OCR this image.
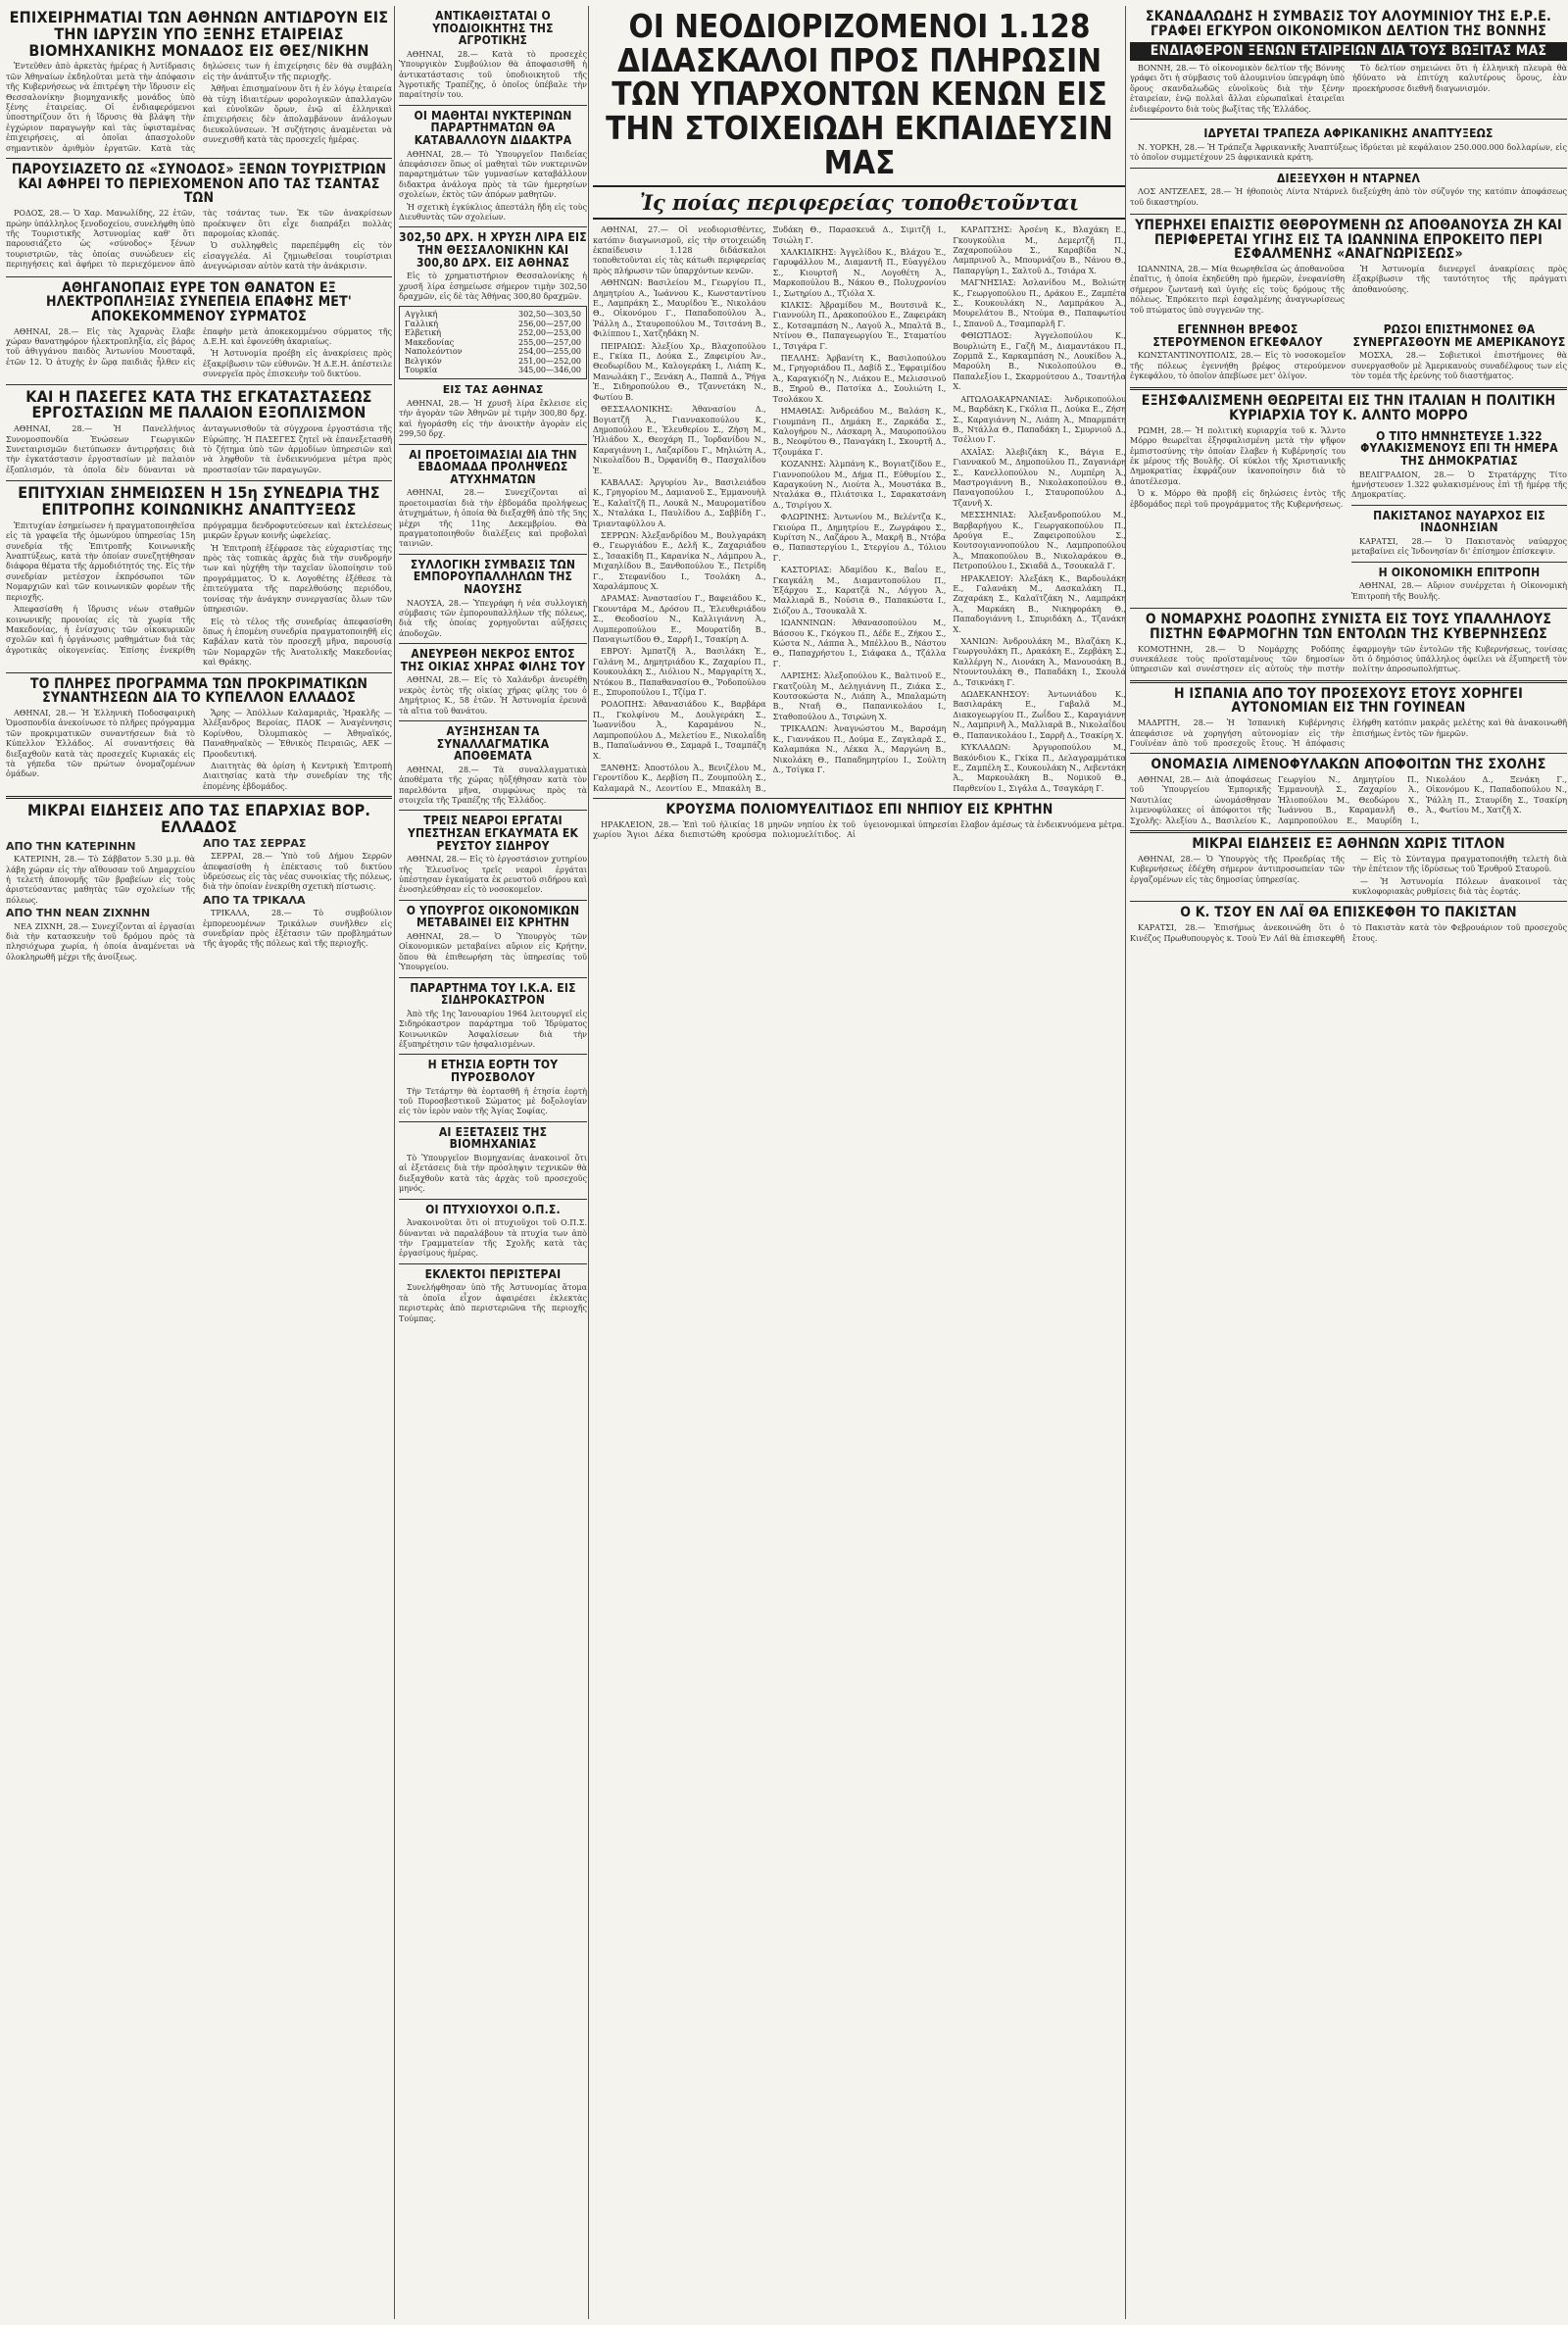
ΕΠΙΧΕΙΡΗΜΑΤΙΑΙ ΤΩΝ ΑΘΗΝΩΝ ΑΝΤΙΔΡΟΥΝ ΕΙΣ ΤΗΝ ΙΔΡΥΣΙΝ ΥΠΟ ΞΕΝΗΣ ΕΤΑΙΡΕΙΑΣ ΒΙΟΜΗΧΑΝΙΚΗΣ ΜΟΝΑΔΟΣ ΕΙΣ ΘΕΣ/ΝΙΚΗΝ

Ἐντεῦθεν ἀπὸ ἀρκετὰς ἡμέρας ἡ Ἀντίδρασις τῶν Ἀθηναίων ἐκδηλοῦται μετὰ τὴν ἀπόφασιν τῆς Κυβερνήσεως νὰ ἐπιτρέψη τὴν ἵδρυσιν εἰς Θεσσαλονίκην βιομηχανικῆς μονάδος ὑπὸ ξένης ἑταιρείας. Οἱ ἐνδιαφερόμενοι ὑποστηρίζουν ὅτι ἡ ἵδρυσις θὰ βλάψη τὴν ἐγχώριον παραγωγὴν καὶ τὰς ὑφισταμένας ἐπιχειρήσεις, αἱ ὁποῖαι ἀπασχολοῦν σημαντικὸν ἀριθμὸν ἐργατῶν. Κατὰ τὰς δηλώσεις των ἡ ἐπιχείρησις δὲν θὰ συμβάλη εἰς τὴν ἀνάπτυξιν τῆς περιοχῆς.

Ἀθῆναι ἐπισημαίνουν ὅτι ἡ ἐν λόγῳ ἑταιρεία θὰ τύχη ἰδιαιτέρων φορολογικῶν ἀπαλλαγῶν καὶ εὐνοϊκῶν ὅρων, ἐνῷ αἱ ἑλληνικαὶ ἐπιχειρήσεις δὲν ἀπολαμβάνουν ἀνάλογων διευκολύνσεων. Ἡ συζήτησις ἀναμένεται νὰ συνεχισθῆ κατὰ τὰς προσεχεῖς ἡμέρας.

ΠΑΡΟΥΣΙΑΖΕΤΟ ΩΣ «ΣΥΝΟΔΟΣ» ΞΕΝΩΝ ΤΟΥΡΙΣΤΡΙΩΝ ΚΑΙ ΑΦΗΡΕΙ ΤΟ ΠΕΡΙΕΧΟΜΕΝΟΝ ΑΠΟ ΤΑΣ ΤΣΑΝΤΑΣ ΤΩΝ

ΡΟΔΟΣ, 28.— Ὁ Χαρ. Μανωλίδης, 22 ἐτῶν, πρώην ὑπάλληλος ξενοδοχείου, συνελήφθη ὑπὸ τῆς Τουριστικῆς Ἀστυνομίας καθ' ὅτι παρουσιάζετο ὡς «σύνοδος» ξένων τουριστριῶν, τὰς ὁποίας συνώδευεν εἰς περιηγήσεις καὶ ἀφήρει τὸ περιεχόμενον ἀπὸ τὰς τσάντας των. Ἐκ τῶν ἀνακρίσεων προέκυψεν ὅτι εἶχε διαπράξει πολλὰς παρομοίας κλοπάς.

Ὁ συλληφθεὶς παρεπέμφθη εἰς τὸν εἰσαγγελέα. Αἱ ζημιωθεῖσαι τουρίστριαι ἀνεγνώρισαν αὐτὸν κατὰ τὴν ἀνάκρισιν.

ΑΘΗΓΑΝΟΠΑΙΣ ΕΥΡΕ ΤΟΝ ΘΑΝΑΤΟΝ ΕΞ ΗΛΕΚΤΡΟΠΛΗΞΙΑΣ ΣΥΝΕΠΕΙΑ ΕΠΑΦΗΣ ΜΕΤ' ΑΠΟΚΕΚΟΜΜΕΝΟΥ ΣΥΡΜΑΤΟΣ

ΑΘΗΝΑΙ, 28.— Εἰς τὰς Ἀχαρνὰς ἔλαβε χώραν θανατηφόρον ἠλεκτροπληξία, εἰς βάρος τοῦ ἀθιγγάνου παιδὸς Ἀντωνίου Μουσταφᾶ, ἐτῶν 12. Ὁ ἀτυχὴς ἐν ὥρᾳ παιδιᾶς ἦλθεν εἰς ἐπαφὴν μετὰ ἀποκεκομμένου σύρματος τῆς Δ.Ε.Η. καὶ ἐφονεύθη ἀκαριαίως.

Ἡ Ἀστυνομία προέβη εἰς ἀνακρίσεις πρὸς ἐξακρίβωσιν τῶν εὐθυνῶν. Ἡ Δ.Ε.Η. ἀπέστειλε συνεργεῖα πρὸς ἐπισκευὴν τοῦ δικτύου.

ΚΑΙ Η ΠΑΣΕΓΕΣ ΚΑΤΑ ΤΗΣ ΕΓΚΑΤΑΣΤΑΣΕΩΣ ΕΡΓΟΣΤΑΣΙΩΝ ΜΕ ΠΑΛΑΙΟΝ ΕΞΟΠΛΙΣΜΟΝ

ΑΘΗΝΑΙ, 28.— Ἡ Πανελλήνιος Συνομοσπονδία Ἑνώσεων Γεωργικῶν Συνεταιρισμῶν διετύπωσεν ἀντιρρήσεις διὰ τὴν ἐγκατάστασιν ἐργοστασίων μὲ παλαιὸν ἐξοπλισμόν, τὰ ὁποῖα δὲν δύνανται νὰ ἀνταγωνισθοῦν τὰ σύγχρονα ἐργοστάσια τῆς Εὐρώπης. Ἡ ΠΑΣΕΓΕΣ ζητεῖ νὰ ἐπανεξετασθῆ τὸ ζήτημα ὑπὸ τῶν ἁρμοδίων ὑπηρεσιῶν καὶ νὰ ληφθοῦν τὰ ἐνδεικνυόμενα μέτρα πρὸς προστασίαν τῶν παραγωγῶν.

ΕΠΙΤΥΧΙΑΝ ΣΗΜΕΙΩΣΕΝ Η 15η ΣΥΝΕΔΡΙΑ ΤΗΣ ΕΠΙΤΡΟΠΗΣ ΚΟΙΝΩΝΙΚΗΣ ΑΝΑΠΤΥΞΕΩΣ

Ἐπιτυχίαν ἐσημείωσεν ἡ πραγματοποιηθεῖσα εἰς τὰ γραφεῖα τῆς ὁμωνύμου ὑπηρεσίας 15η συνεδρία τῆς Ἐπιτροπῆς Κοινωνικῆς Ἀναπτύξεως, κατὰ τὴν ὁποίαν συνεζητήθησαν διάφορα θέματα τῆς ἀρμοδιότητός της. Εἰς τὴν συνεδρίαν μετέσχον ἐκπρόσωποι τῶν Νομαρχιῶν καὶ τῶν κοινωνικῶν φορέων τῆς περιοχῆς.

Ἀπεφασίσθη ἡ ἵδρυσις νέων σταθμῶν κοινωνικῆς προνοίας εἰς τὰ χωρία τῆς Μακεδονίας, ἡ ἐνίσχυσις τῶν οἰκοκυρικῶν σχολῶν καὶ ἡ ὀργάνωσις μαθημάτων διὰ τὰς ἀγροτικὰς οἰκογενείας. Ἐπίσης ἐνεκρίθη πρόγραμμα δενδροφυτεύσεων καὶ ἐκτελέσεως μικρῶν ἔργων κοινῆς ὠφελείας.

Ἡ Ἐπιτροπὴ ἐξέφρασε τὰς εὐχαριστίας της πρὸς τὰς τοπικὰς ἀρχὰς διὰ τὴν συνδρομήν των καὶ ηὐχήθη τὴν ταχεῖαν ὑλοποίησιν τοῦ προγράμματος. Ὁ κ. Λογοθέτης ἐξέθεσε τὰ ἐπιτεύγματα τῆς παρελθούσης περιόδου, τονίσας τὴν ἀνάγκην συνεργασίας ὅλων τῶν ὑπηρεσιῶν.

Εἰς τὸ τέλος τῆς συνεδρίας ἀπεφασίσθη ὅπως ἡ ἑπομένη συνεδρία πραγματοποιηθῆ εἰς Καβάλαν κατὰ τὸν προσεχῆ μῆνα, παρουσίᾳ τῶν Νομαρχῶν τῆς Ἀνατολικῆς Μακεδονίας καὶ Θράκης.

ΤΟ ΠΛΗΡΕΣ ΠΡΟΓΡΑΜΜΑ ΤΩΝ ΠΡΟΚΡΙΜΑΤΙΚΩΝ ΣΥΝΑΝΤΗΣΕΩΝ ΔΙΑ ΤΟ ΚΥΠΕΛΛΟΝ ΕΛΛΑΔΟΣ

ΑΘΗΝΑΙ, 28.— Ἡ Ἑλληνικὴ Ποδοσφαιρικὴ Ὁμοσπονδία ἀνεκοίνωσε τὸ πλῆρες πρόγραμμα τῶν προκριματικῶν συναντήσεων διὰ τὸ Κύπελλον Ἑλλάδος. Αἱ συναντήσεις θὰ διεξαχθοῦν κατὰ τὰς προσεχεῖς Κυριακάς εἰς τὰ γήπεδα τῶν πρώτων ὀνομαζομένων ὁμάδων.

Ἄρης — Ἀπόλλων Καλαμαριᾶς, Ἠρακλῆς — Ἀλέξανδρος Βεροίας, ΠΑΟΚ — Ἀναγέννησις Κορίνθου, Ὀλυμπιακὸς — Ἀθηναϊκός, Παναθηναϊκὸς — Ἐθνικὸς Πειραιῶς, ΑΕΚ — Προοδευτική.

Διαιτητὰς θὰ ὁρίση ἡ Κεντρικὴ Ἐπιτροπὴ Διαιτησίας κατὰ τὴν συνεδρίαν της τῆς ἑπομένης ἑβδομάδος.

ΜΙΚΡΑΙ ΕΙΔΗΣΕΙΣ ΑΠΟ ΤΑΣ ΕΠΑΡΧΙΑΣ ΒΟΡ. ΕΛΛΑΔΟΣ
ΑΠΟ ΤΗΝ ΚΑΤΕΡΙΝΗΝ

ΚΑΤΕΡΙΝΗ, 28.— Τὸ Σάββατον 5.30 μ.μ. θὰ λάβη χώραν εἰς τὴν αἴθουσαν τοῦ Δημαρχείου ἡ τελετὴ ἀπονομῆς τῶν βραβείων εἰς τοὺς ἀριστεύσαντας μαθητὰς τῶν σχολείων τῆς πόλεως.

ΑΠΟ ΤΗΝ ΝΕΑΝ ΖΙΧΝΗΝ

ΝΕΑ ΖΙΧΝΗ, 28.— Συνεχίζονται αἱ ἐργασίαι διὰ τὴν κατασκευὴν τοῦ δρόμου πρὸς τὰ πλησιόχωρα χωρία, ἡ ὁποία ἀναμένεται νὰ ὁλοκληρωθῆ μέχρι τῆς ἀνοίξεως.

ΑΠΟ ΤΑΣ ΣΕΡΡΑΣ

ΣΕΡΡΑΙ, 28.— Ὑπὸ τοῦ Δήμου Σερρῶν ἀπεφασίσθη ἡ ἐπέκτασις τοῦ δικτύου ὑδρεύσεως εἰς τὰς νέας συνοικίας τῆς πόλεως, διὰ τὴν ὁποίαν ἐνεκρίθη σχετικὴ πίστωσις.

ΑΠΟ ΤΑ ΤΡΙΚΑΛΑ

ΤΡΙΚΑΛΑ, 28.— Τὸ συμβούλιον ἐμπορευομένων Τρικάλων συνῆλθεν εἰς συνεδρίαν πρὸς ἐξέτασιν τῶν προβλημάτων τῆς ἀγορᾶς τῆς πόλεως καὶ τῆς περιοχῆς.

ΑΝΤΙΚΑΘΙΣΤΑΤΑΙ Ο ΥΠΟΔΙΟΙΚΗΤΗΣ ΤΗΣ ΑΓΡΟΤΙΚΗΣ

ΑΘΗΝΑΙ, 28.— Κατὰ τὸ προσεχὲς Ὑπουργικὸν Συμβούλιον θὰ ἀποφασισθῆ ἡ ἀντικατάστασις τοῦ ὑποδιοικητοῦ τῆς Ἀγροτικῆς Τραπέζης, ὁ ὁποῖος ὑπέβαλε τὴν παραίτησίν του.

ΟΙ ΜΑΘΗΤΑΙ ΝΥΚΤΕΡΙΝΩΝ ΠΑΡΑΡΤΗΜΑΤΩΝ ΘΑ ΚΑΤΑΒΑΛΛΟΥΝ ΔΙΔΑΚΤΡΑ

ΑΘΗΝΑΙ, 28.— Τὸ Ὑπουργεῖον Παιδείας ἀπεφάσισεν ὅπως οἱ μαθηταὶ τῶν νυκτερινῶν παραρτημάτων τῶν γυμνασίων καταβάλλουν διδακτρα ἀνάλογα πρὸς τὰ τῶν ἡμερησίων σχολείων, ἐκτὸς τῶν ἀπόρων μαθητῶν.

Ἡ σχετικὴ ἐγκύκλιος ἀπεστάλη ἤδη εἰς τοὺς Διευθυντὰς τῶν σχολείων.

302,50 ΔΡΧ. Η ΧΡΥΣΗ ΛΙΡΑ ΕΙΣ ΤΗΝ ΘΕΣΣΑΛΟΝΙΚΗΝ ΚΑΙ 300,80 ΔΡΧ. ΕΙΣ ΑΘΗΝΑΣ

Εἰς τὸ χρηματιστήριον Θεσσαλονίκης ἡ χρυσῆ λίρα ἐσημείωσε σήμερον τιμὴν 302,50 δραχμῶν, εἰς δὲ τὰς Ἀθήνας 300,80 δραχμῶν.

Αγγλική	302,50—303,50
Γαλλική	256,00—257,00
Ελβετική	252,00—253,00
Μακεδονίας	255,00—257,00
Ναπολεόντιον	254,00—255,00
Βελγικόν	251,00—252,00
Τουρκία	345,00—346,00
ΕΙΣ ΤΑΣ ΑΘΗΝΑΣ

ΑΘΗΝΑΙ, 28.— Ἡ χρυσῆ λίρα ἔκλεισε εἰς τὴν ἀγορὰν τῶν Ἀθηνῶν μὲ τιμὴν 300,80 δρχ. καὶ ἠγοράσθη εἰς τὴν ἀνοικτὴν ἀγορὰν εἰς 299,50 δρχ.

ΑΙ ΠΡΟΕΤΟΙΜΑΣΙΑΙ ΔΙΑ ΤΗΝ ΕΒΔΟΜΑΔΑ ΠΡΟΛΗΨΕΩΣ ΑΤΥΧΗΜΑΤΩΝ

ΑΘΗΝΑΙ, 28.— Συνεχίζονται αἱ προετοιμασίαι διὰ τὴν ἑβδομάδα προλήψεως ἀτυχημάτων, ἡ ὁποία θὰ διεξαχθῆ ἀπὸ τῆς 5ης μέχρι τῆς 11ης Δεκεμβρίου. Θὰ πραγματοποιηθοῦν διαλέξεις καὶ προβολαὶ ταινιῶν.

ΣΥΛΛΟΓΙΚΗ ΣΥΜΒΑΣΙΣ ΤΩΝ ΕΜΠΟΡΟΥΠΑΛΛΗΛΩΝ ΤΗΣ ΝΑΟΥΣΗΣ

ΝΑΟΥΣΑ, 28.— Ὑπεγράφη ἡ νέα συλλογικὴ σύμβασις τῶν ἐμπορουπαλλήλων τῆς πόλεως, διὰ τῆς ὁποίας χορηγοῦνται αὐξήσεις ἀποδοχῶν.

ΑΝΕΥΡΕΘΗ ΝΕΚΡΟΣ ΕΝΤΟΣ ΤΗΣ ΟΙΚΙΑΣ ΧΗΡΑΣ ΦΙΛΗΣ ΤΟΥ

ΑΘΗΝΑΙ, 28.— Εἰς τὸ Χαλάνδρι ἀνευρέθη νεκρὸς ἐντὸς τῆς οἰκίας χήρας φίλης του ὁ Δημήτριος Κ., 58 ἐτῶν. Ἡ Ἀστυνομία ἐρευνᾶ τὰ αἴτια τοῦ θανάτου.

ΑΥΞΗΣΗΣΑΝ ΤΑ ΣΥΝΑΛΛΑΓΜΑΤΙΚΑ ΑΠΟΘΕΜΑΤΑ

ΑΘΗΝΑΙ, 28.— Τὰ συναλλαγματικὰ ἀποθέματα τῆς χώρας ηὐξήθησαν κατὰ τὸν παρελθόντα μῆνα, συμφώνως πρὸς τὰ στοιχεῖα τῆς Τραπέζης τῆς Ἑλλάδος.

ΤΡΕΙΣ ΝΕΑΡΟΙ ΕΡΓΑΤΑΙ ΥΠΕΣΤΗΣΑΝ ΕΓΚΑΥΜΑΤΑ ΕΚ ΡΕΥΣΤΟΥ ΣΙΔΗΡΟΥ

ΑΘΗΝΑΙ, 28.— Εἰς τὸ ἐργοστάσιον χυτηρίου τῆς Ἐλευσῖνος τρεῖς νεαροὶ ἐργάται ὑπέστησαν ἐγκαύματα ἐκ ρευστοῦ σιδήρου καὶ ἐνοσηλεύθησαν εἰς τὸ νοσοκομεῖον.

Ο ΥΠΟΥΡΓΟΣ ΟΙΚΟΝΟΜΙΚΩΝ ΜΕΤΑΒΑΙΝΕΙ ΕΙΣ ΚΡΗΤΗΝ

ΑΘΗΝΑΙ, 28.— Ὁ Ὑπουργὸς τῶν Οἰκονομικῶν μεταβαίνει αὔριον εἰς Κρήτην, ὅπου θὰ ἐπιθεωρήση τὰς ὑπηρεσίας τοῦ Ὑπουργείου.

ΠΑΡΑΡΤΗΜΑ ΤΟΥ Ι.Κ.Α. ΕΙΣ ΣΙΔΗΡΟΚΑΣΤΡΟΝ

Ἀπὸ τῆς 1ης Ἰανουαρίου 1964 λειτουργεῖ εἰς Σιδηρόκαστρον παράρτημα τοῦ Ἱδρύματος Κοινωνικῶν Ἀσφαλίσεων διὰ τὴν ἐξυπηρέτησιν τῶν ἠσφαλισμένων.

Η ΕΤΗΣΙΑ ΕΟΡΤΗ ΤΟΥ ΠΥΡΟΣΒΟΛΟΥ

Τὴν Τετάρτην θὰ ἑορτασθῆ ἡ ἐτησία ἑορτὴ τοῦ Πυροσβεστικοῦ Σώματος μὲ δοξολογίαν εἰς τὸν ἱερὸν ναὸν τῆς Ἁγίας Σοφίας.

ΑΙ ΕΞΕΤΑΣΕΙΣ ΤΗΣ ΒΙΟΜΗΧΑΝΙΑΣ

Τὸ Ὑπουργεῖον Βιομηχανίας ἀνακοινοῖ ὅτι αἱ ἐξετάσεις διὰ τὴν πρόσληψιν τεχνικῶν θὰ διεξαχθοῦν κατὰ τὰς ἀρχὰς τοῦ προσεχοῦς μηνός.

ΟΙ ΠΤΥΧΙΟΥΧΟΙ Ο.Π.Σ.

Ἀνακοινοῦται ὅτι οἱ πτυχιοῦχοι τοῦ Ο.Π.Σ. δύνανται νὰ παραλάβουν τὰ πτυχία των ἀπὸ τὴν Γραμματείαν τῆς Σχολῆς κατὰ τὰς ἐργασίμους ἡμέρας.

ΕΚΛΕΚΤΟΙ ΠΕΡΙΣΤΕΡΑΙ

Συνελήφθησαν ὑπὸ τῆς Ἀστυνομίας ἄτομα τὰ ὁποῖα εἶχον ἀφαιρέσει ἐκλεκτὰς περιστερὰς ἀπὸ περιστεριῶνα τῆς περιοχῆς Τούμπας.

ΟΙ ΝΕΟΔΙΟΡΙΖΟΜΕΝΟΙ 1.128 ΔΙΔΑΣΚΑΛΟΙ ΠΡΟΣ ΠΛΗΡΩΣΙΝ ΤΩΝ ΥΠΑΡΧΟΝΤΩΝ ΚΕΝΩΝ ΕΙΣ ΤΗΝ ΣΤΟΙΧΕΙΩΔΗ ΕΚΠΑΙΔΕΥΣΙΝ ΜΑΣ
Ἰς ποίας περιφερείας τοποθετοῦνται

ΑΘΗΝΑΙ, 27.— Οἱ νεοδιορισθέντες, κατόπιν διαγωνισμοῦ, εἰς τὴν στοιχειώδη ἐκπαίδευσιν 1.128 διδάσκαλοι τοποθετοῦνται εἰς τὰς κάτωθι περιφερείας πρὸς πλήρωσιν τῶν ὑπαρχόντων κενῶν.

ΑΘΗΝΩΝ: Βασιλείου Μ., Γεωργίου Π., Δημητρίου Α., Ἰωάννου Κ., Κωνσταντίνου Ε., Λαμπράκη Σ., Μαυρίδου Ἑ., Νικολάου Θ., Οἰκονόμου Γ., Παπαδοπούλου Ἀ., Ῥάλλη Δ., Σταυροπούλου Μ., Τσιτσάνη Β., Φιλίππου Ι., Χατζηδάκη Ν.

ΠΕΙΡΑΙΩΣ: Ἀλεξίου Χρ., Βλαχοπούλου Ε., Γκίκα Π., Δούκα Σ., Ζαφειρίου Ἀν., Θεοδωρίδου Μ., Καλογεράκη Ι., Λιάπη Κ., Μανωλάκη Γ., Ξενάκη Α., Παππᾶ Δ., Ῥήγα Ἑ., Σιδηροπούλου Θ., Τζαννετάκη Ν., Φωτίου Β.

ΘΕΣΣΑΛΟΝΙΚΗΣ: Ἀθανασίου Δ., Βογιατζῆ Ἀ., Γιαννακοπούλου Κ., Δημοπούλου Ε., Ἐλευθερίου Σ., Ζήση Μ., Ἠλιάδου Χ., Θεοχάρη Π., Ἰορδανίδου Ν., Καραγιάννη Ι., Λαζαρίδου Γ., Μηλιώτη Α., Νικολαΐδου Β., Ὀρφανίδη Θ., Πασχαλίδου Ἑ.

ΚΑΒΑΛΑΣ: Ἀργυρίου Ἀν., Βασιλειάδου Κ., Γρηγορίου Μ., Δαμιανοῦ Σ., Ἐμμανουὴλ Ἑ., Καλαϊτζῆ Π., Λουκᾶ Ν., Μαυροματίδου Χ., Νταλάκα Ι., Παυλίδου Δ., Σαββίδη Γ., Τριανταφύλλου Α.

ΣΕΡΡΩΝ: Ἀλεξανδρίδου Μ., Βουλγαράκη Θ., Γεωργιάδου Ε., Δελῆ Κ., Ζαχαριάδου Σ., Ἰσαακίδη Π., Καρανίκα Ν., Λάμπρου Ἀ., Μιχαηλίδου Β., Ξανθοπούλου Ἑ., Πετρίδη Γ., Στεφανίδου Ι., Τσολάκη Δ., Χαραλάμπους Χ.

ΔΡΑΜΑΣ: Ἀναστασίου Γ., Βαφειάδου Κ., Γκουντάρα Μ., Δρόσου Π., Ἑλευθεριάδου Σ., Θεοδοσίου Ν., Καλλιγιάννη Ἀ., Λυμπεροπούλου Ε., Μουρατίδη Β., Παναγιωτίδου Θ., Σαρρῆ Ι., Τσακίρη Δ.

ΕΒΡΟΥ: Ἀμπατζῆ Ἀ., Βασιλάκη Ἑ., Γαλάνη Μ., Δημητριάδου Κ., Ζαχαρίου Π., Κουκουλάκη Σ., Λιόλιου Ν., Μαργαρίτη Χ., Ντόκου Β., Παπαθανασίου Θ., Ῥοδοπούλου Ε., Σπυροπούλου Ι., Τζίμα Γ.

ΡΟΔΟΠΗΣ: Ἀθανασιάδου Κ., Βαρβάρα Π., Γκολφίνου Μ., Δουλγεράκη Σ., Ἰωαννίδου Ἀ., Καραμάνου Ν., Λαμπροπούλου Δ., Μελετίου Ε., Νικολαΐδη Β., Παπαϊωάννου Θ., Σαμαρᾶ Ι., Τσαμπάζη Χ.

ΞΑΝΘΗΣ: Ἀποστόλου Ἀ., Βενιζέλου Μ., Γεροντίδου Κ., Δερβίση Π., Ζουμπούλη Σ., Καλαμαρᾶ Ν., Λεοντίου Ε., Μπακάλη Β., Ξυδάκη Θ., Παρασκευᾶ Δ., Σιμιτζῆ Ι., Τσιώλη Γ.

ΧΑΛΚΙΔΙΚΗΣ: Ἀγγελίδου Κ., Βλάχου Ἑ., Γαρυφάλλου Μ., Διαμαντῆ Π., Εὐαγγέλου Σ., Κιουρτσῆ Ν., Λογοθέτη Ἀ., Μαρκοπούλου Β., Νάκου Θ., Πολυχρονίου Ι., Σωτηρίου Δ., Τζιόλα Χ.

ΚΙΛΚΙΣ: Ἀβραμίδου Μ., Βουτσινᾶ Κ., Γιαννούλη Π., Δρακοπούλου Ε., Ζαφειράκη Σ., Κοτσαμπάση Ν., Λαγοῦ Ἀ., Μπαλτᾶ Β., Ντίνου Θ., Παπαγεωργίου Ἑ., Σταματίου Ι., Τσιγάρα Γ.

ΠΕΛΛΗΣ: Ἀρβανίτη Κ., Βασιλοπούλου Μ., Γρηγοριάδου Π., Δαβίδ Σ., Ἐφραιμίδου Ἀ., Καραγκιόζη Ν., Λιάκου Ε., Μελισσινοῦ Β., Ξηροῦ Θ., Πατσίκα Δ., Σουλιώτη Ι., Τσολάκου Χ.

ΗΜΑΘΙΑΣ: Ἀνδρεάδου Μ., Βαλάση Κ., Γιουμπάνη Π., Δημάκη Ε., Ζαρκάδα Σ., Καλογήρου Ν., Λάσκαρη Ἀ., Μαυροπούλου Β., Νεοφύτου Θ., Παναγάκη Ι., Σκουρτῆ Δ., Τζουμάκα Γ.

ΚΟΖΑΝΗΣ: Ἀλμπάνη Κ., Βογιατζίδου Ε., Γιαννοπούλου Μ., Δήμα Π., Εὐθυμίου Σ., Καραγκούνη Ν., Λιούτα Ἀ., Μουστάκα Β., Νταλάκα Θ., Πλιάτσικα Ι., Σαρακατσάνη Δ., Τσιρίγου Χ.

ΦΛΩΡΙΝΗΣ: Ἀντωνίου Μ., Βελέντζα Κ., Γκιούρα Π., Δημητρίου Ε., Ζωγράφου Σ., Κυρίτση Ν., Λαζάρου Ἀ., Μακρῆ Β., Ντόβα Θ., Παπαστεργίου Ι., Στεργίου Δ., Τόλιου Γ.

ΚΑΣΤΟΡΙΑΣ: Ἀδαμίδου Κ., Βαΐου Ε., Γκαγκάλη Μ., Διαμαντοπούλου Π., Ἐξάρχου Σ., Καρατζᾶ Ν., Λόγγου Ἀ., Μαλλιαρᾶ Β., Νούσια Θ., Παπακώστα Ι., Σιόζου Δ., Τσουκαλᾶ Χ.

ΙΩΑΝΝΙΝΩΝ: Ἀθανασοπούλου Μ., Βάσσου Κ., Γκόγκου Π., Δέδε Ε., Ζήκου Σ., Κώστα Ν., Λάππα Ἀ., Μπέλλου Β., Νάστου Θ., Παπαχρήστου Ι., Σιάφακα Δ., Τζάλλα Γ.

ΛΑΡΙΣΗΣ: Ἀλεξοπούλου Κ., Βαλτινοῦ Ε., Γκατζούλη Μ., Δεληγιάννη Π., Ζιάκα Σ., Κουτσοκώστα Ν., Λιάπη Ἀ., Μπαλαμώτη Β., Νταῆ Θ., Παπανικολάου Ι., Σταθοπούλου Δ., Τσιρώνη Χ.

ΤΡΙΚΑΛΩΝ: Ἀναγνώστου Μ., Βαρσάμη Κ., Γιαννάκου Π., Δούμα Ε., Ζαγκλαρᾶ Σ., Καλαμπάκα Ν., Λέκκα Ἀ., Μαργώνη Β., Νικολάκη Θ., Παπαδημητρίου Ι., Σούλτη Δ., Τσίγκα Γ.

ΚΑΡΔΙΤΣΗΣ: Ἀρσένη Κ., Βλαχάκη Ε., Γκουγκούλια Μ., Δεμερτζῆ Π., Ζαχαροπούλου Σ., Καραβίδα Ν., Λαμπρινοῦ Ἀ., Μπουρνάζου Β., Νάνου Θ., Παπαργύρη Ι., Σαλτοῦ Δ., Τσιάρα Χ.

ΜΑΓΝΗΣΙΑΣ: Ἀσλανίδου Μ., Βολιώτη Κ., Γεωργοπούλου Π., Δράκου Ε., Ζαμπέτα Σ., Κουκουλάκη Ν., Λαμπράκου Ἀ., Μουρελάτου Β., Ντούμα Θ., Παπαφωτίου Ι., Σπανοῦ Δ., Τσαμπαρλῆ Γ.

ΦΘΙΩΤΙΔΟΣ: Ἀγγελοπούλου Κ., Βουρλιώτη Ε., Γαζῆ Μ., Διαμαντάκου Π., Ζορμπᾶ Σ., Καρκαμπάση Ν., Λουκίδου Ἀ., Μαρούλη Β., Νικολοπούλου Θ., Παπαλεξίου Ι., Σκαρμούτσου Δ., Τσαντήλα Χ.

ΑΙΤΩΛΟΑΚΑΡΝΑΝΙΑΣ: Ἀνδρικοπούλου Μ., Βαρδάκη Κ., Γκόλια Π., Δούκα Ε., Ζήση Σ., Καραγιάννη Ν., Λιάπη Ἀ., Μπαρμπάτη Β., Ντάλλα Θ., Παπαδάκη Ι., Σμυρνιοῦ Δ., Τσέλιου Γ.

ΑΧΑΪΑΣ: Ἀλεβιζάκη Κ., Βάγια Ε., Γιαννακοῦ Μ., Δημοπούλου Π., Ζαγανιάρη Σ., Κανελλοπούλου Ν., Λυμπέρη Ἀ., Μαστρογιάννη Β., Νικολακοπούλου Θ., Παναγοπούλου Ι., Σταυροπούλου Δ., Τζαννῆ Χ.

ΜΕΣΣΗΝΙΑΣ: Ἀλεξανδροπούλου Μ., Βαρβαρήγου Κ., Γεωργακοπούλου Π., Δρούγα Ε., Ζαφειροπούλου Σ., Κουτσογιαννοπούλου Ν., Λαμπροπούλου Ἀ., Μπακοπούλου Β., Νικολαράκου Θ., Πετροπούλου Ι., Σκιαδᾶ Δ., Τσουκαλᾶ Γ.

ΗΡΑΚΛΕΙΟΥ: Ἀλεξάκη Κ., Βαρδουλάκη Ε., Γαλανάκη Μ., Δασκαλάκη Π., Ζαχαράκη Σ., Καλαϊτζάκη Ν., Λαμπράκη Ἀ., Μαρκάκη Β., Νικηφοράκη Θ., Παπαδογιάννη Ι., Σπυριδάκη Δ., Τζανάκη Χ.

ΧΑΝΙΩΝ: Ἀνδρουλάκη Μ., Βλαζάκη Κ., Γεωργουλάκη Π., Δρακάκη Ε., Ζερβάκη Σ., Καλλέργη Ν., Λιονάκη Ἀ., Μανουσάκη Β., Ντουντουλάκη Θ., Παπαδάκη Ι., Σκουλά Δ., Τσικνάκη Γ.

ΔΩΔΕΚΑΝΗΣΟΥ: Ἀντωνιάδου Κ., Βασιλαράκη Ε., Γαβαλᾶ Μ., Διακογεωργίου Π., Ζωΐδου Σ., Καραγιάννη Ν., Λαμπρινῆ Ἀ., Μαλλιαρᾶ Β., Νικολαΐδου Θ., Παπανικολάου Ι., Σαρρῆ Δ., Τσακίρη Χ.

ΚΥΚΛΑΔΩΝ: Ἀργυροπούλου Μ., Βακόνδιου Κ., Γκίκα Π., Δελαγραμμάτικα Ε., Ζαμπέλη Σ., Κουκουλάκη Ν., Λεβεντάκη Ἀ., Μαρκουλάκη Β., Νομικοῦ Θ., Παρθενίου Ι., Σιγάλα Δ., Τσαγκάρη Γ.

ΚΡΟΥΣΜΑ ΠΟΛΙΟΜΥΕΛΙΤΙΔΟΣ ΕΠΙ ΝΗΠΙΟΥ ΕΙΣ ΚΡΗΤΗΝ

ΗΡΑΚΛΕΙΟΝ, 28.— Ἐπὶ τοῦ ἡλικίας 18 μηνῶν νηπίου ἐκ τοῦ χωρίου Ἄγιοι Δέκα διεπιστώθη κρούσμα πολιομυελίτιδος. Αἱ ὑγειονομικαὶ ὑπηρεσίαι ἔλαβον ἀμέσως τὰ ἐνδεικνυόμενα μέτρα.

ΣΚΑΝΔΑΛΩΔΗΣ Η ΣΥΜΒΑΣΙΣ ΤΟΥ ΑΛΟΥΜΙΝΙΟΥ ΤΗΣ Ε.Ρ.Ε. ΓΡΑΦΕΙ ΕΓΚΥΡΟΝ ΟΙΚΟΝΟΜΙΚΟΝ ΔΕΛΤΙΟΝ ΤΗΣ ΒΟΝΝΗΣ
ΕΝΔΙΑΦΕΡΟΝ ΞΕΝΩΝ ΕΤΑΙΡΕΙΩΝ ΔΙΑ ΤΟΥΣ ΒΩΞΙΤΑΣ ΜΑΣ

ΒΟΝΝΗ, 28.— Τὸ οἰκονομικὸν δελτίον τῆς Βόννης γράφει ὅτι ἡ σύμβασις τοῦ ἀλουμινίου ὑπεγράφη ὑπὸ ὅρους σκανδαλωδῶς εὐνοϊκοὺς διὰ τὴν ξένην ἑταιρείαν, ἐνῷ πολλαὶ ἄλλαι εὐρωπαϊκαὶ ἑταιρεῖαι ἐνδιεφέροντο διὰ τοὺς βωξίτας τῆς Ἑλλάδος.

Τὸ δελτίον σημειώνει ὅτι ἡ ἑλληνικὴ πλευρὰ θὰ ἠδύνατο νὰ ἐπιτύχη καλυτέρους ὅρους, ἐὰν προεκήρυσσε διεθνῆ διαγωνισμόν.

ΙΔΡΥΕΤΑΙ ΤΡΑΠΕΖΑ ΑΦΡΙΚΑΝΙΚΗΣ ΑΝΑΠΤΥΞΕΩΣ

Ν. ΥΟΡΚΗ, 28.— Ἡ Τράπεζα Ἀφρικανικῆς Ἀναπτύξεως ἱδρύεται μὲ κεφάλαιον 250.000.000 δολλαρίων, εἰς τὸ ὁποῖον συμμετέχουν 25 ἀφρικανικὰ κράτη.

ΔΙΕΞΕΥΧΘΗ Η ΝΤΑΡΝΕΛ

ΛΟΣ ΑΝΤΖΕΛΕΣ, 28.— Ἡ ἠθοποιὸς Λίντα Ντάρνελ διεξεύχθη ἀπὸ τὸν σύζυγόν της κατόπιν ἀποφάσεως τοῦ δικαστηρίου.

ΥΠΕΡΗΧΕΙ ΕΠΑΙΣΤΙΣ ΘΕΘΡΟΥΜΕΝΗ ΩΣ ΑΠΟΘΑΝΟΥΣΑ ΖΗ ΚΑΙ ΠΕΡΙΦΕΡΕΤΑΙ ΥΓΙΗΣ ΕΙΣ ΤΑ ΙΩΑΝΝΙΝΑ ΕΠΡΟΚΕΙΤΟ ΠΕΡΙ ΕΣΦΑΛΜΕΝΗΣ «ΑΝΑΓΝΩΡΙΣΕΩΣ»

ΙΩΑΝΝΙΝΑ, 28.— Μία θεωρηθεῖσα ὡς ἀποθανοῦσα ἐπαῖτις, ἡ ὁποία ἐκηδεύθη πρὸ ἡμερῶν, ἐνεφανίσθη σήμερον ζωντανὴ καὶ ὑγιὴς εἰς τοὺς δρόμους τῆς πόλεως. Ἐπρόκειτο περὶ ἐσφαλμένης ἀναγνωρίσεως τοῦ πτώματος ὑπὸ συγγενῶν της.

Ἡ Ἀστυνομία διενεργεῖ ἀνακρίσεις πρὸς ἐξακρίβωσιν τῆς ταυτότητος τῆς πράγματι ἀποθανούσης.

ΕΓΕΝΝΗΘΗ ΒΡΕΦΟΣ ΣΤΕΡΟΥΜΕΝΟΝ ΕΓΚΕΦΑΛΟΥ

ΚΩΝΣΤΑΝΤΙΝΟΥΠΟΛΙΣ, 28.— Εἰς τὸ νοσοκομεῖον τῆς πόλεως ἐγεννήθη βρέφος στερούμενον ἐγκεφάλου, τὸ ὁποῖον ἀπεβίωσε μετ' ὀλίγον.

ΡΩΣΟΙ ΕΠΙΣΤΗΜΟΝΕΣ ΘΑ ΣΥΝΕΡΓΑΣΘΟΥΝ ΜΕ ΑΜΕΡΙΚΑΝΟΥΣ

ΜΟΣΧΑ, 28.— Σοβιετικοὶ ἐπιστήμονες θὰ συνεργασθοῦν μὲ Ἀμερικανοὺς συναδέλφους των εἰς τὸν τομέα τῆς ἐρεύνης τοῦ διαστήματος.

ΕΞΗΣΦΑΛΙΣΜΕΝΗ ΘΕΩΡΕΙΤΑΙ ΕΙΣ ΤΗΝ ΙΤΑΛΙΑΝ Η ΠΟΛΙΤΙΚΗ ΚΥΡΙΑΡΧΙΑ ΤΟΥ Κ. ΑΛΝΤΟ ΜΟΡΡΟ

ΡΩΜΗ, 28.— Ἡ πολιτικὴ κυριαρχία τοῦ κ. Ἄλντο Μόρρο θεωρεῖται ἐξησφαλισμένη μετὰ τὴν ψῆφον ἐμπιστοσύνης τὴν ὁποίαν ἔλαβεν ἡ Κυβέρνησίς του ἐκ μέρους τῆς Βουλῆς. Οἱ κύκλοι τῆς Χριστιανικῆς Δημοκρατίας ἐκφράζουν ἱκανοποίησιν διὰ τὸ ἀποτέλεσμα.

Ὁ κ. Μόρρο θὰ προβῆ εἰς δηλώσεις ἐντὸς τῆς ἑβδομάδος περὶ τοῦ προγράμματος τῆς Κυβερνήσεως.

Ο ΤΙΤΟ ΗΜΝΗΣΤΕΥΣΕ 1.322 ΦΥΛΑΚΙΣΜΕΝΟΥΣ ΕΠΙ ΤΗ ΗΜΕΡΑ ΤΗΣ ΔΗΜΟΚΡΑΤΙΑΣ

ΒΕΛΙΓΡΑΔΙΟΝ, 28.— Ὁ Στρατάρχης Τίτο ἠμνήστευσεν 1.322 φυλακισμένους ἐπὶ τῇ ἡμέρᾳ τῆς Δημοκρατίας.

ΠΑΚΙΣΤΑΝΟΣ ΝΑΥΑΡΧΟΣ ΕΙΣ ΙΝΔΟΝΗΣΙΑΝ

ΚΑΡΑΤΣΙ, 28.— Ὁ Πακιστανὸς ναύαρχος μεταβαίνει εἰς Ἰνδονησίαν δι' ἐπίσημον ἐπίσκεψιν.

Η ΟΙΚΟΝΟΜΙΚΗ ΕΠΙΤΡΟΠΗ

ΑΘΗΝΑΙ, 28.— Αὔριον συνέρχεται ἡ Οἰκονομικὴ Ἐπιτροπὴ τῆς Βουλῆς.

Ο ΝΟΜΑΡΧΗΣ ΡΟΔΟΠΗΣ ΣΥΝΙΣΤΑ ΕΙΣ ΤΟΥΣ ΥΠΑΛΛΗΛΟΥΣ ΠΙΣΤΗΝ ΕΦΑΡΜΟΓΗΝ ΤΩΝ ΕΝΤΟΛΩΝ ΤΗΣ ΚΥΒΕΡΝΗΣΕΩΣ

ΚΟΜΟΤΗΝΗ, 28.— Ὁ Νομάρχης Ροδόπης συνεκάλεσε τοὺς προϊσταμένους τῶν δημοσίων ὑπηρεσιῶν καὶ συνέστησεν εἰς αὐτοὺς τὴν πιστὴν ἐφαρμογὴν τῶν ἐντολῶν τῆς Κυβερνήσεως, τονίσας ὅτι ὁ δημόσιος ὑπάλληλος ὀφείλει νὰ ἐξυπηρετῆ τὸν πολίτην ἀπροσωπολήπτως.

Η ΙΣΠΑΝΙΑ ΑΠΟ ΤΟΥ ΠΡΟΣΕΧΟΥΣ ΕΤΟΥΣ ΧΟΡΗΓΕΙ ΑΥΤΟΝΟΜΙΑΝ ΕΙΣ ΤΗΝ ΓΟΥΙΝΕΑΝ

ΜΑΔΡΙΤΗ, 28.— Ἡ Ἰσπανικὴ Κυβέρνησις ἀπεφάσισε νὰ χορηγήση αὐτονομίαν εἰς τὴν Γουϊνέαν ἀπὸ τοῦ προσεχοῦς ἔτους. Ἡ ἀπόφασις ἐλήφθη κατόπιν μακρᾶς μελέτης καὶ θὰ ἀνακοινωθῆ ἐπισήμως ἐντὸς τῶν ἡμερῶν.

ΟΝΟΜΑΣΙΑ ΛΙΜΕΝΟΦΥΛΑΚΩΝ ΑΠΟΦΟΙΤΩΝ ΤΗΣ ΣΧΟΛΗΣ

ΑΘΗΝΑΙ, 28.— Διὰ ἀποφάσεως τοῦ Ὑπουργείου Ἐμπορικῆς Ναυτιλίας ὠνομάσθησαν λιμενοφύλακες οἱ ἀπόφοιτοι τῆς Σχολῆς: Ἀλεξίου Δ., Βασιλείου Κ., Γεωργίου Ν., Δημητρίου Π., Ἐμμανουὴλ Σ., Ζαχαρίου Ἀ., Ἠλιοπούλου Μ., Θεοδώρου Χ., Ἰωάννου Β., Καραμανλῆ Θ., Λαμπροπούλου Ε., Μαυρίδη Ι., Νικολάου Δ., Ξενάκη Γ., Οἰκονόμου Κ., Παπαδοπούλου Ν., Ῥάλλη Π., Σταυρίδη Σ., Τσακίρη Ἀ., Φωτίου Μ., Χατζῆ Χ.

ΜΙΚΡΑΙ ΕΙΔΗΣΕΙΣ ΕΞ ΑΘΗΝΩΝ ΧΩΡΙΣ ΤΙΤΛΟΝ

ΑΘΗΝΑΙ, 28.— Ὁ Ὑπουργὸς τῆς Προεδρίας τῆς Κυβερνήσεως ἐδέχθη σήμερον ἀντιπροσωπείαν τῶν ἐργαζομένων εἰς τὰς δημοσίας ὑπηρεσίας.

— Εἰς τὸ Σύνταγμα πραγματοποιήθη τελετὴ διὰ τὴν ἐπέτειον τῆς ἱδρύσεως τοῦ Ἐρυθροῦ Σταυροῦ.

— Ἡ Ἀστυνομία Πόλεων ἀνακοινοῖ τὰς κυκλοφοριακὰς ρυθμίσεις διὰ τὰς ἑορτάς.

Ο Κ. ΤΣΟΥ ΕΝ ΛΑΪ ΘΑ ΕΠΙΣΚΕΦΘΗ ΤΟ ΠΑΚΙΣΤΑΝ

ΚΑΡΑΤΣΙ, 28.— Ἐπισήμως ἀνεκοινώθη ὅτι ὁ Κινέζος Πρωθυπουργὸς κ. Τσοὺ Ἐν Λάϊ θὰ ἐπισκεφθῆ τὸ Πακιστὰν κατὰ τὸν Φεβρουάριον τοῦ προσεχοῦς ἔτους.
